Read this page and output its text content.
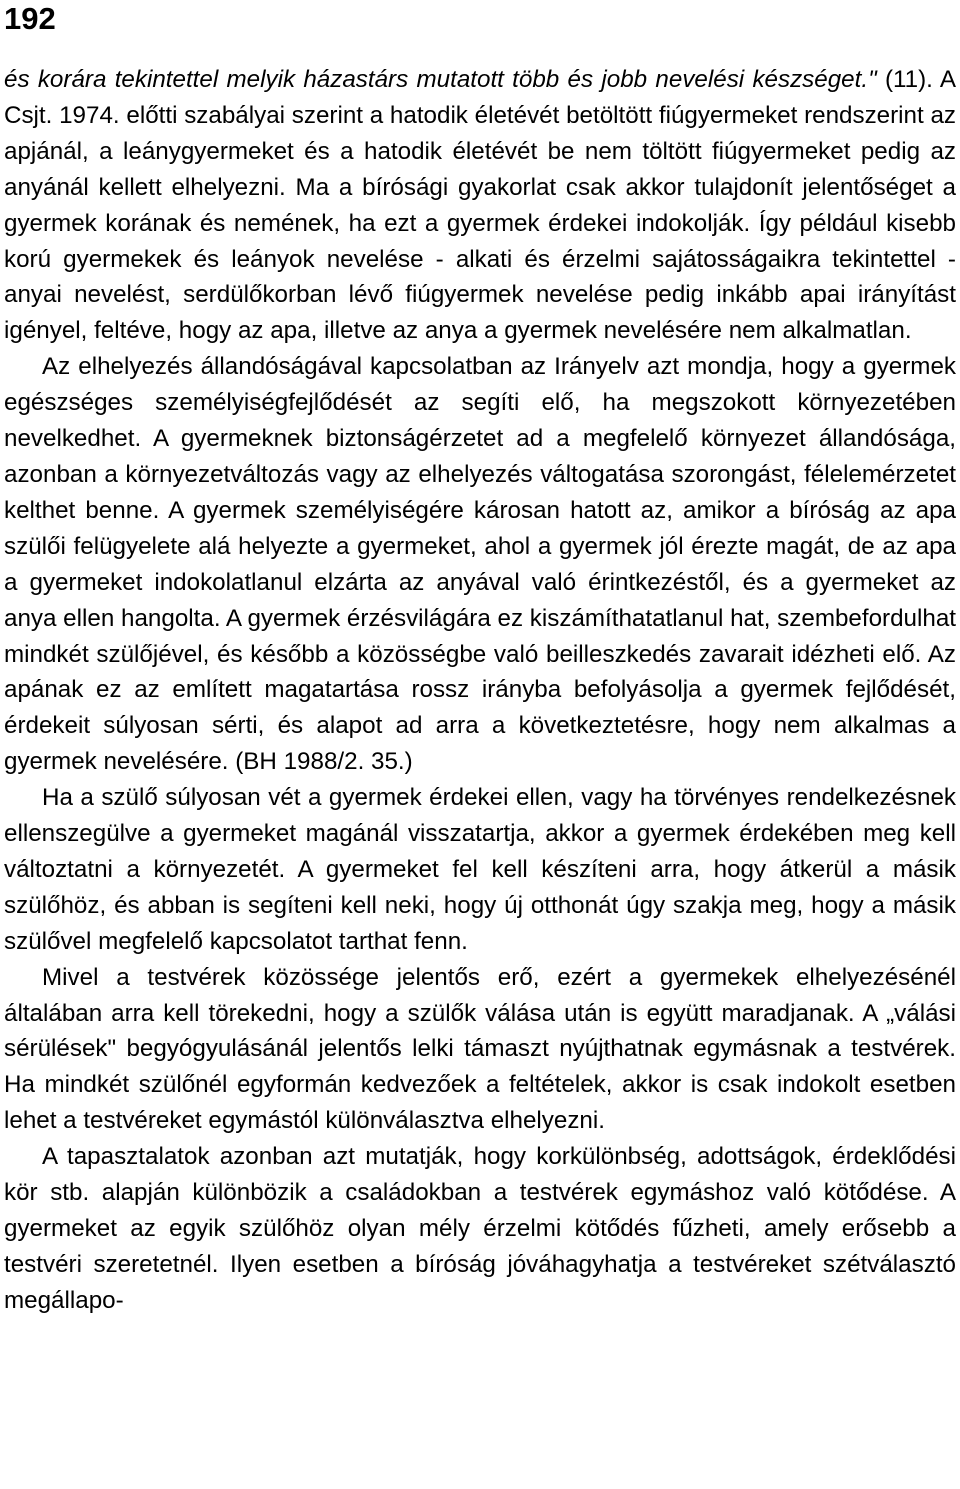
192

és korára tekintettel melyik házastárs mutatott több és jobb nevelési készséget." (11). A Csjt. 1974. előtti szabályai szerint a hatodik életévét betöltött fiúgyermeket rendszerint az apjánál, a leánygyermeket és a hatodik életévét be nem töltött fiúgyermeket pedig az anyánál kellett elhelyezni. Ma a bírósági gyakorlat csak akkor tulajdonít jelentőséget a gyermek korának és nemének, ha ezt a gyermek érdekei indokolják. Így például kisebb korú gyermekek és leányok nevelése - alkati és érzelmi sajátosságaikra tekintettel - anyai nevelést, serdülőkorban lévő fiúgyermek nevelése pedig inkább apai irányítást igényel, feltéve, hogy az apa, illetve az anya a gyermek nevelésére nem alkalmatlan.

Az elhelyezés állandóságával kapcsolatban az Irányelv azt mondja, hogy a gyermek egészséges személyiségfejlődését az segíti elő, ha megszokott környezetében nevelkedhet. A gyermeknek biztonságérzetet ad a megfelelő környezet állandósága, azonban a környezetváltozás vagy az elhelyezés váltogatása szorongást, félelemérzetet kelthet benne. A gyermek személyiségére károsan hatott az, amikor a bíróság az apa szülői felügyelete alá helyezte a gyermeket, ahol a gyermek jól érezte magát, de az apa a gyermeket indokolatlanul elzárta az anyával való érintkezéstől, és a gyermeket az anya ellen hangolta. A gyermek érzésvilágára ez kiszámíthatatlanul hat, szembefordulhat mindkét szülőjével, és később a közösségbe való beilleszkedés zavarait idézheti elő. Az apának ez az említett magatartása rossz irányba befolyásolja a gyermek fejlődését, érdekeit súlyosan sérti, és alapot ad arra a következtetésre, hogy nem alkalmas a gyermek nevelésére. (BH 1988/2. 35.)

Ha a szülő súlyosan vét a gyermek érdekei ellen, vagy ha törvényes rendelkezésnek ellenszegülve a gyermeket magánál visszatartja, akkor a gyermek érdekében meg kell változtatni a környezetét. A gyermeket fel kell készíteni arra, hogy átkerül a másik szülőhöz, és abban is segíteni kell neki, hogy új otthonát úgy szakja meg, hogy a másik szülővel megfelelő kapcsolatot tarthat fenn.

Mivel a testvérek közössége jelentős erő, ezért a gyermekek elhelyezésénél általában arra kell törekedni, hogy a szülők válása után is együtt maradjanak. A „válási sérülések" begyógyulásánál jelentős lelki támaszt nyújthatnak egymásnak a testvérek. Ha mindkét szülőnél egyformán kedvezőek a feltételek, akkor is csak indokolt esetben lehet a testvéreket egymástól különválasztva elhelyezni.

A tapasztalatok azonban azt mutatják, hogy korkülönbség, adottságok, érdeklődési kör stb. alapján különbözik a családokban a testvérek egymáshoz való kötődése. A gyermeket az egyik szülőhöz olyan mély érzelmi kötődés fűzheti, amely erősebb a testvéri szeretetnél. Ilyen esetben a bíróság jóváhagyhatja a testvéreket szétválasztó megállapo-
